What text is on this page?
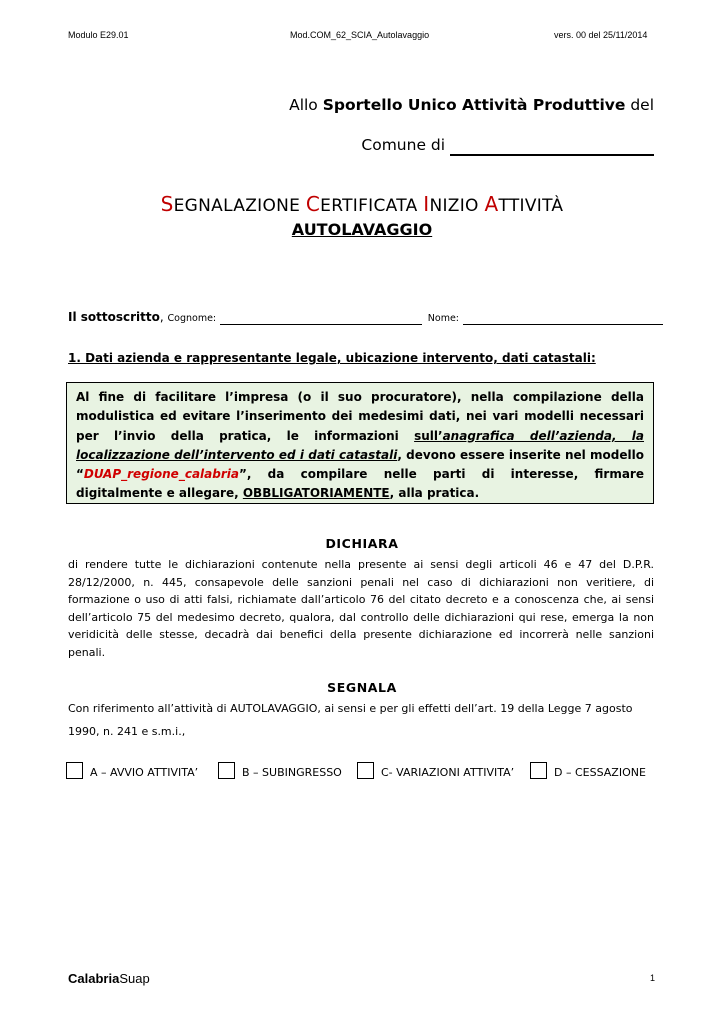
Modulo E29.01	Mod.COM_62_SCIA_Autolavaggio	vers. 00 del 25/11/2014
Allo Sportello Unico Attività Produttive del
Comune di
SEGNALAZIONE CERTIFICATA INIZIO ATTIVITÀ
AUTOLAVAGGIO
Il sottoscritto, Cognome:	Nome:
1. Dati azienda e rappresentante legale, ubicazione intervento, dati catastali:
Al fine di facilitare l’impresa (o il suo procuratore), nella compilazione della modulistica ed evitare l’inserimento dei medesimi dati, nei vari modelli necessari per l’invio della pratica, le informazioni sull’anagrafica dell’azienda, la localizzazione dell’intervento ed i dati catastali, devono essere inserite nel modello “DUAP_regione_calabria”, da compilare nelle parti di interesse, firmare digitalmente e allegare, OBBLIGATORIAMENTE, alla pratica.
DICHIARA
di rendere tutte le dichiarazioni contenute nella presente ai sensi degli articoli 46 e 47 del D.P.R. 28/12/2000, n. 445, consapevole delle sanzioni penali nel caso di dichiarazioni non veritiere, di formazione o uso di atti falsi, richiamate dall’articolo 76 del citato decreto e a conoscenza che, ai sensi dell’articolo 75 del medesimo decreto, qualora, dal controllo delle dichiarazioni qui rese, emerga la non veridicità delle stesse, decadrà dai benefici della presente dichiarazione ed incorrerà nelle sanzioni penali.
SEGNALA
Con riferimento all’attività di AUTOLAVAGGIO, ai sensi e per gli effetti dell’art. 19 della Legge 7 agosto
1990, n. 241 e s.m.i.,
A – AVVIO ATTIVITA’	B – SUBINGRESSO	C- VARIAZIONI ATTIVITA’	D – CESSAZIONE
CalabriaSuap	1
